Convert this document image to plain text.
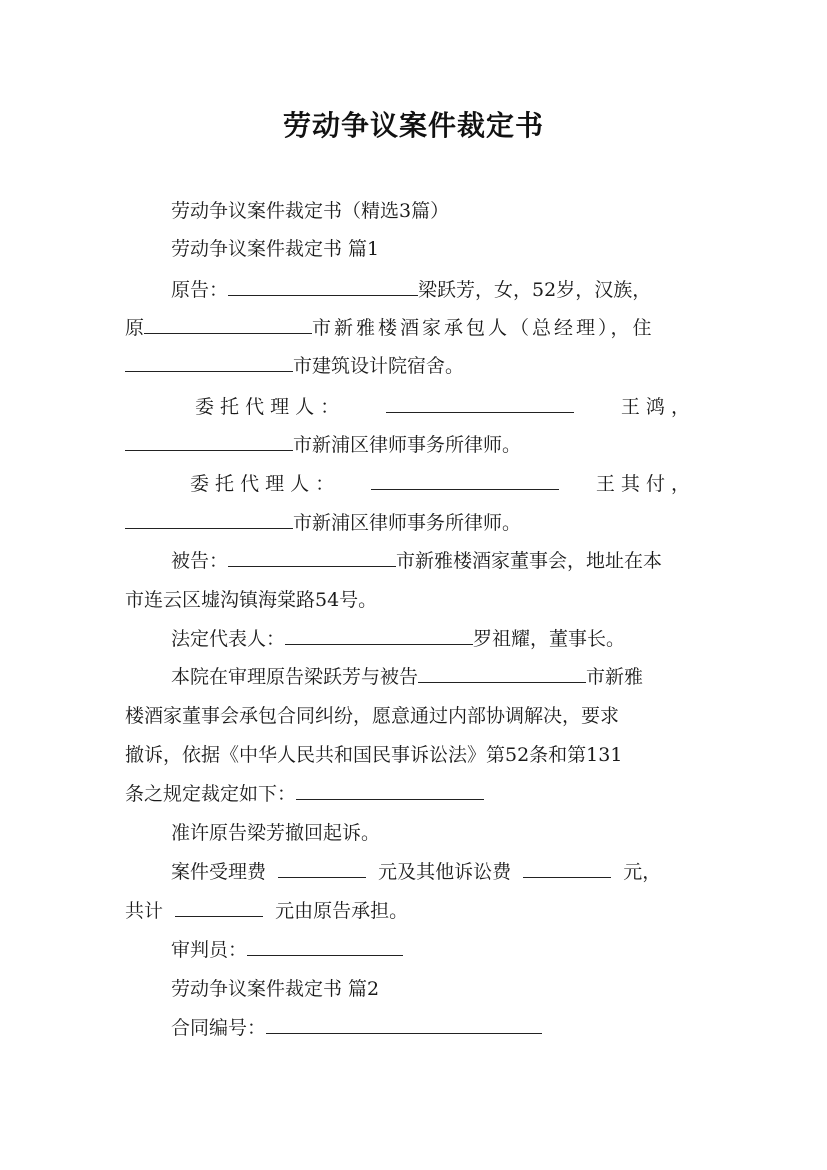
劳动争议案件裁定书
劳动争议案件裁定书（精选3篇）
劳动争议案件裁定书 篇1
原告：	梁跃芳，女，52岁，汉族，
原	市新雅楼酒家承包人（总经理），住
市建筑设计院宿舍。
委 托 代 理 人 ：	王 鸿 ，
市新浦区律师事务所律师。
委 托 代 理 人 ：	王 其 付 ，
市新浦区律师事务所律师。
被告：	市新雅楼酒家董事会，地址在本
市连云区墟沟镇海棠路54号。
法定代表人：	罗祖耀，董事长。
本院在审理原告梁跃芳与被告	市新雅
楼酒家董事会承包合同纠纷，愿意通过内部协调解决，要求
撤诉，依据《中华人民共和国民事诉讼法》第52条和第131
条之规定裁定如下：
准许原告梁芳撤回起诉。
案件受理费	元及其他诉讼费	元，
共计	元由原告承担。
审判员：
劳动争议案件裁定书 篇2
合同编号：
